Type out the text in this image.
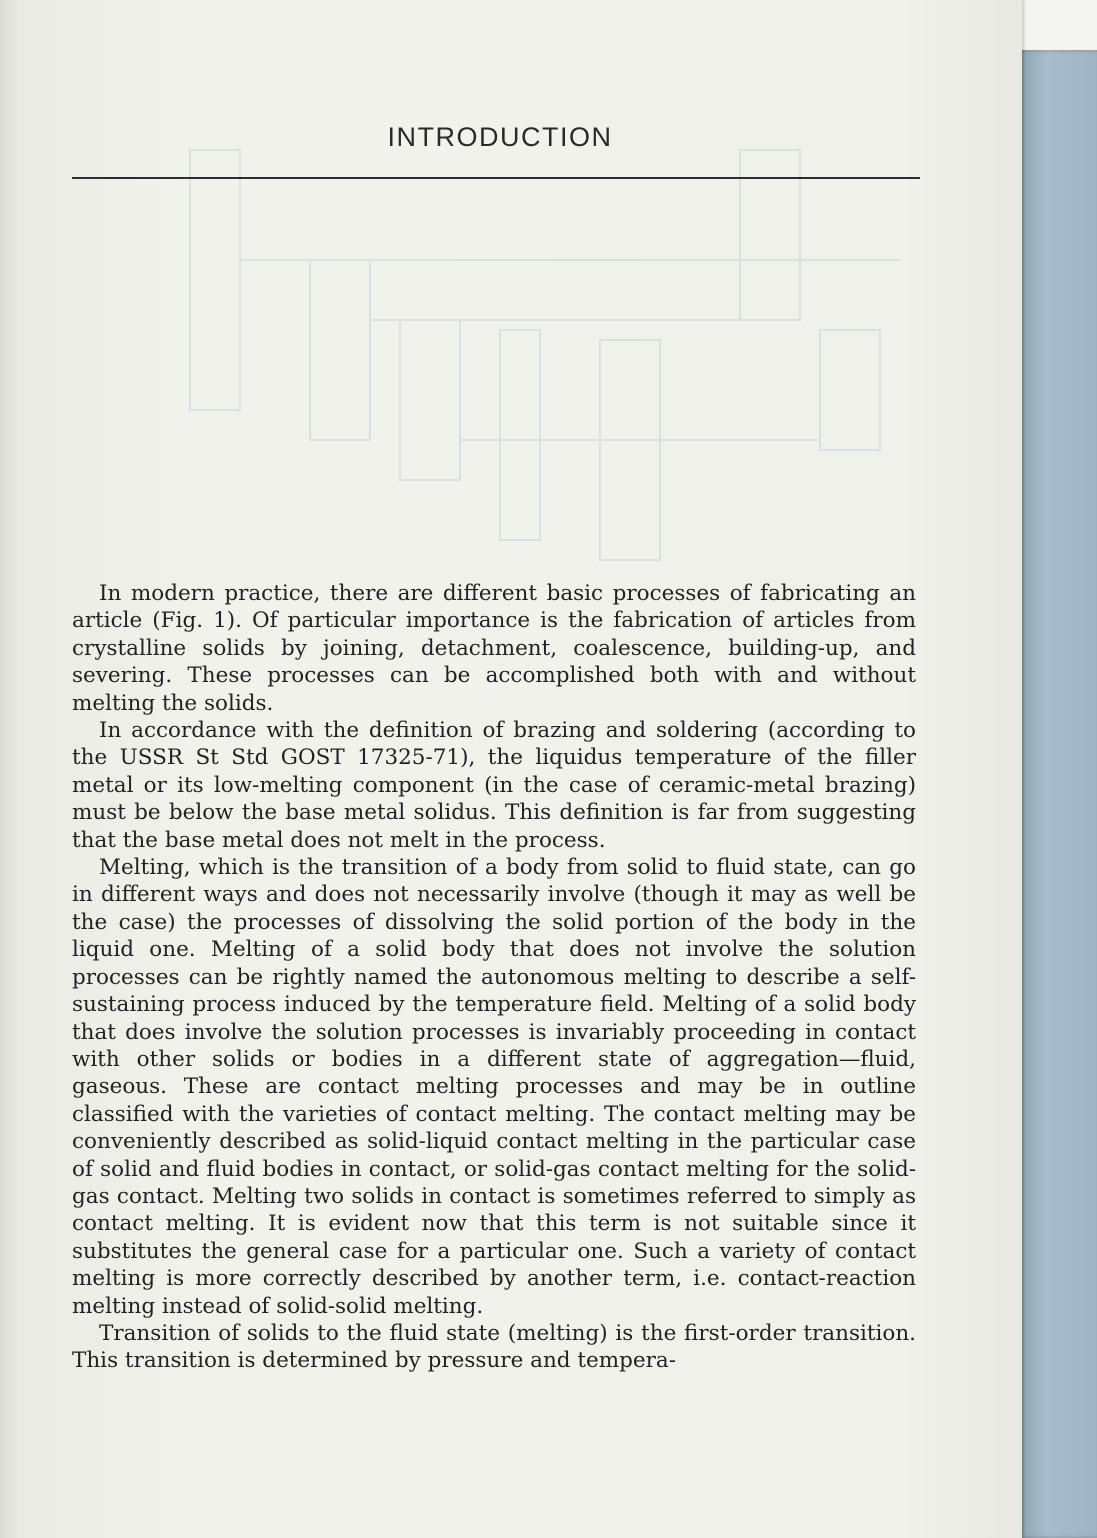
INTRODUCTION

In modern practice, there are different basic processes of fabricating an article (Fig. 1). Of particular importance is the fabrication of articles from crystalline solids by joining, detachment, coalescence, building-up, and severing. These processes can be accomplished both with and without melting the solids.

In accordance with the definition of brazing and soldering (according to the USSR St Std GOST 17325-71), the liquidus temperature of the filler metal or its low-melting component (in the case of ceramic-metal brazing) must be below the base metal solidus. This definition is far from suggesting that the base metal does not melt in the process.

Melting, which is the transition of a body from solid to fluid state, can go in different ways and does not necessarily involve (though it may as well be the case) the processes of dissolving the solid portion of the body in the liquid one. Melting of a solid body that does not involve the solution processes can be rightly named the autonomous melting to describe a self-sustaining process induced by the temperature field. Melting of a solid body that does involve the solution processes is invariably proceeding in contact with other solids or bodies in a different state of aggregation—fluid, gaseous. These are contact melting processes and may be in outline classified with the varieties of contact melting. The contact melting may be conveniently described as solid-liquid contact melting in the particular case of solid and fluid bodies in contact, or solid-gas contact melting for the solid-gas contact. Melting two solids in contact is sometimes referred to simply as contact melting. It is evident now that this term is not suitable since it substitutes the general case for a particular one. Such a variety of contact melting is more correctly described by another term, i.e. contact-reaction melting instead of solid-solid melting.

Transition of solids to the fluid state (melting) is the first-order transition. This transition is determined by pressure and tempera-
